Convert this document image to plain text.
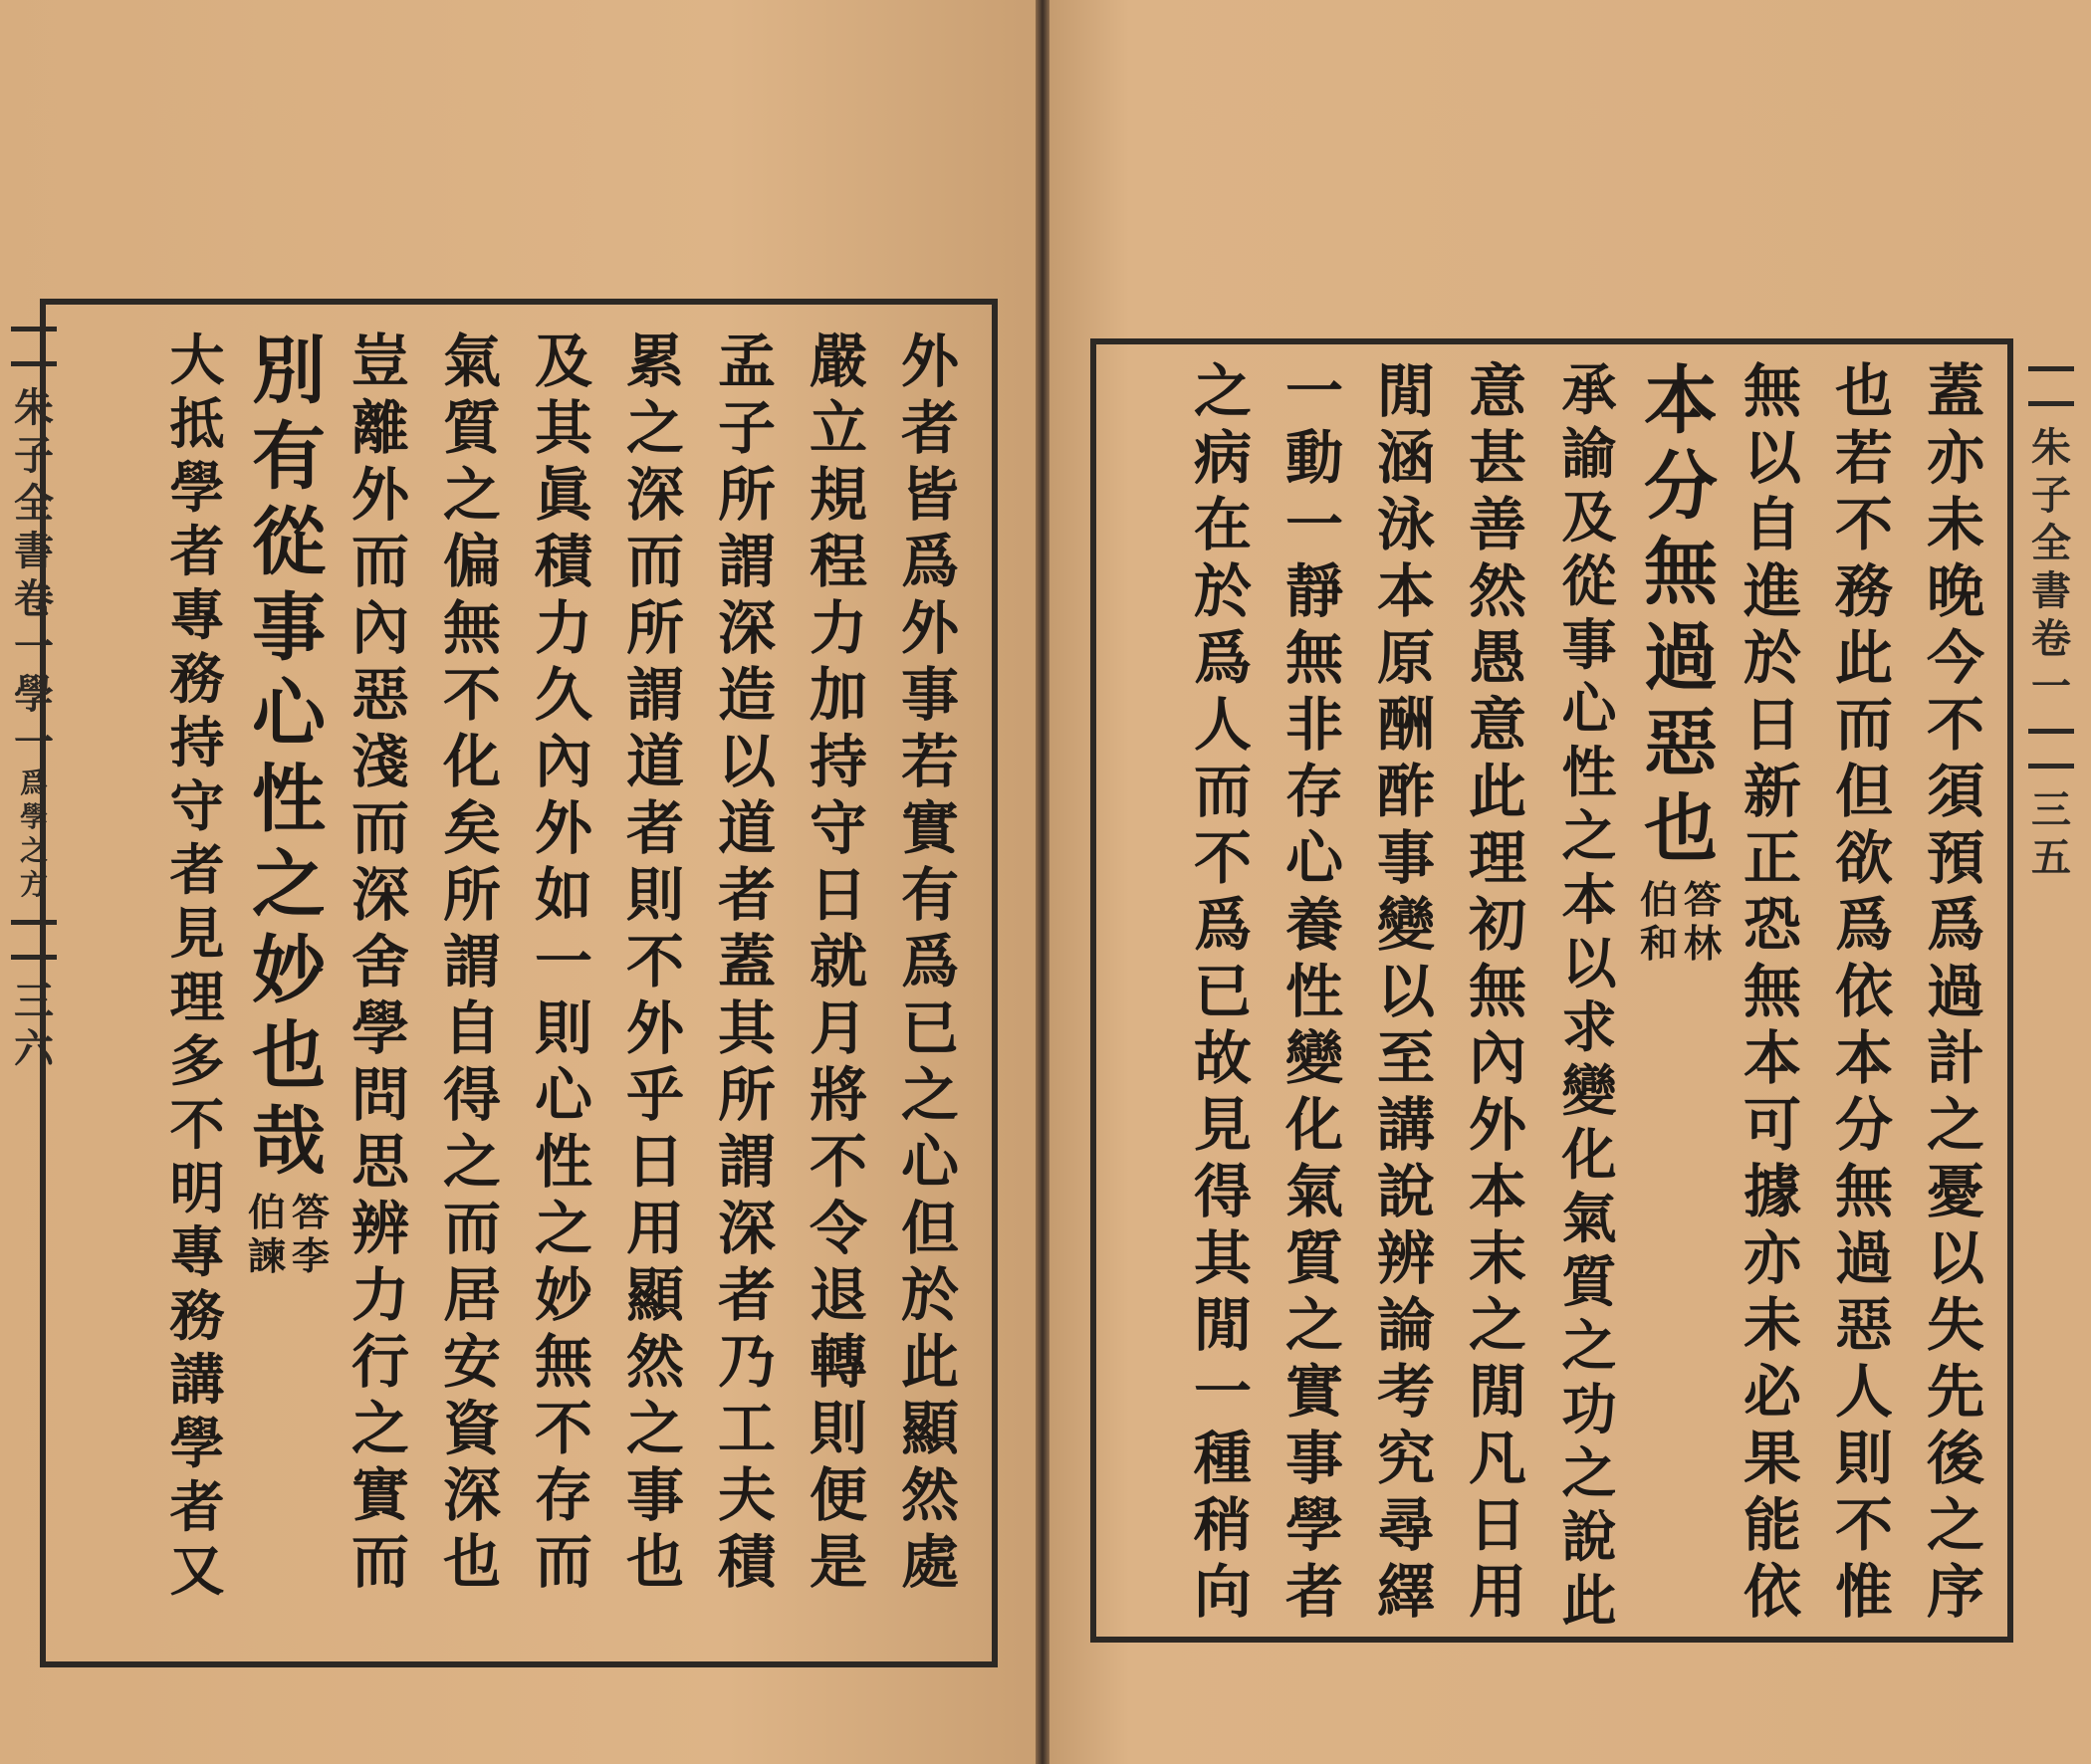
朱
子
全
書
卷
一
學
一
爲
學
之
方
三
六
朱
子
全
書
卷
一
三
五
外
者
皆
爲
外
事
若
實
有
爲
已
之
心
但
於
此
顯
然
處
嚴
立
規
程
力
加
持
守
日
就
月
將
不
令
退
轉
則
便
是
孟
子
所
謂
深
造
以
道
者
蓋
其
所
謂
深
者
乃
工
夫
積
累
之
深
而
所
謂
道
者
則
不
外
乎
日
用
顯
然
之
事
也
及
其
眞
積
力
久
內
外
如
一
則
心
性
之
妙
無
不
存
而
氣
質
之
偏
無
不
化
矣
所
謂
自
得
之
而
居
安
資
深
也
豈
離
外
而
內
惡
淺
而
深
舍
學
問
思
辨
力
行
之
實
而
別
有
從
事
心
性
之
妙
也
哉
答
李
伯
諫
大
抵
學
者
專
務
持
守
者
見
理
多
不
明
專
務
講
學
者
又
蓋
亦
未
晚
今
不
須
預
爲
過
計
之
憂
以
失
先
後
之
序
也
若
不
務
此
而
但
欲
爲
依
本
分
無
過
惡
人
則
不
惟
無
以
自
進
於
日
新
正
恐
無
本
可
據
亦
未
必
果
能
依
本
分
無
過
惡
也
答
林
伯
和
承
諭
及
從
事
心
性
之
本
以
求
變
化
氣
質
之
功
之
說
此
意
甚
善
然
愚
意
此
理
初
無
內
外
本
末
之
閒
凡
日
用
閒
涵
泳
本
原
酬
酢
事
變
以
至
講
說
辨
論
考
究
尋
繹
一
動
一
靜
無
非
存
心
養
性
變
化
氣
質
之
實
事
學
者
之
病
在
於
爲
人
而
不
爲
已
故
見
得
其
閒
一
種
稍
向
